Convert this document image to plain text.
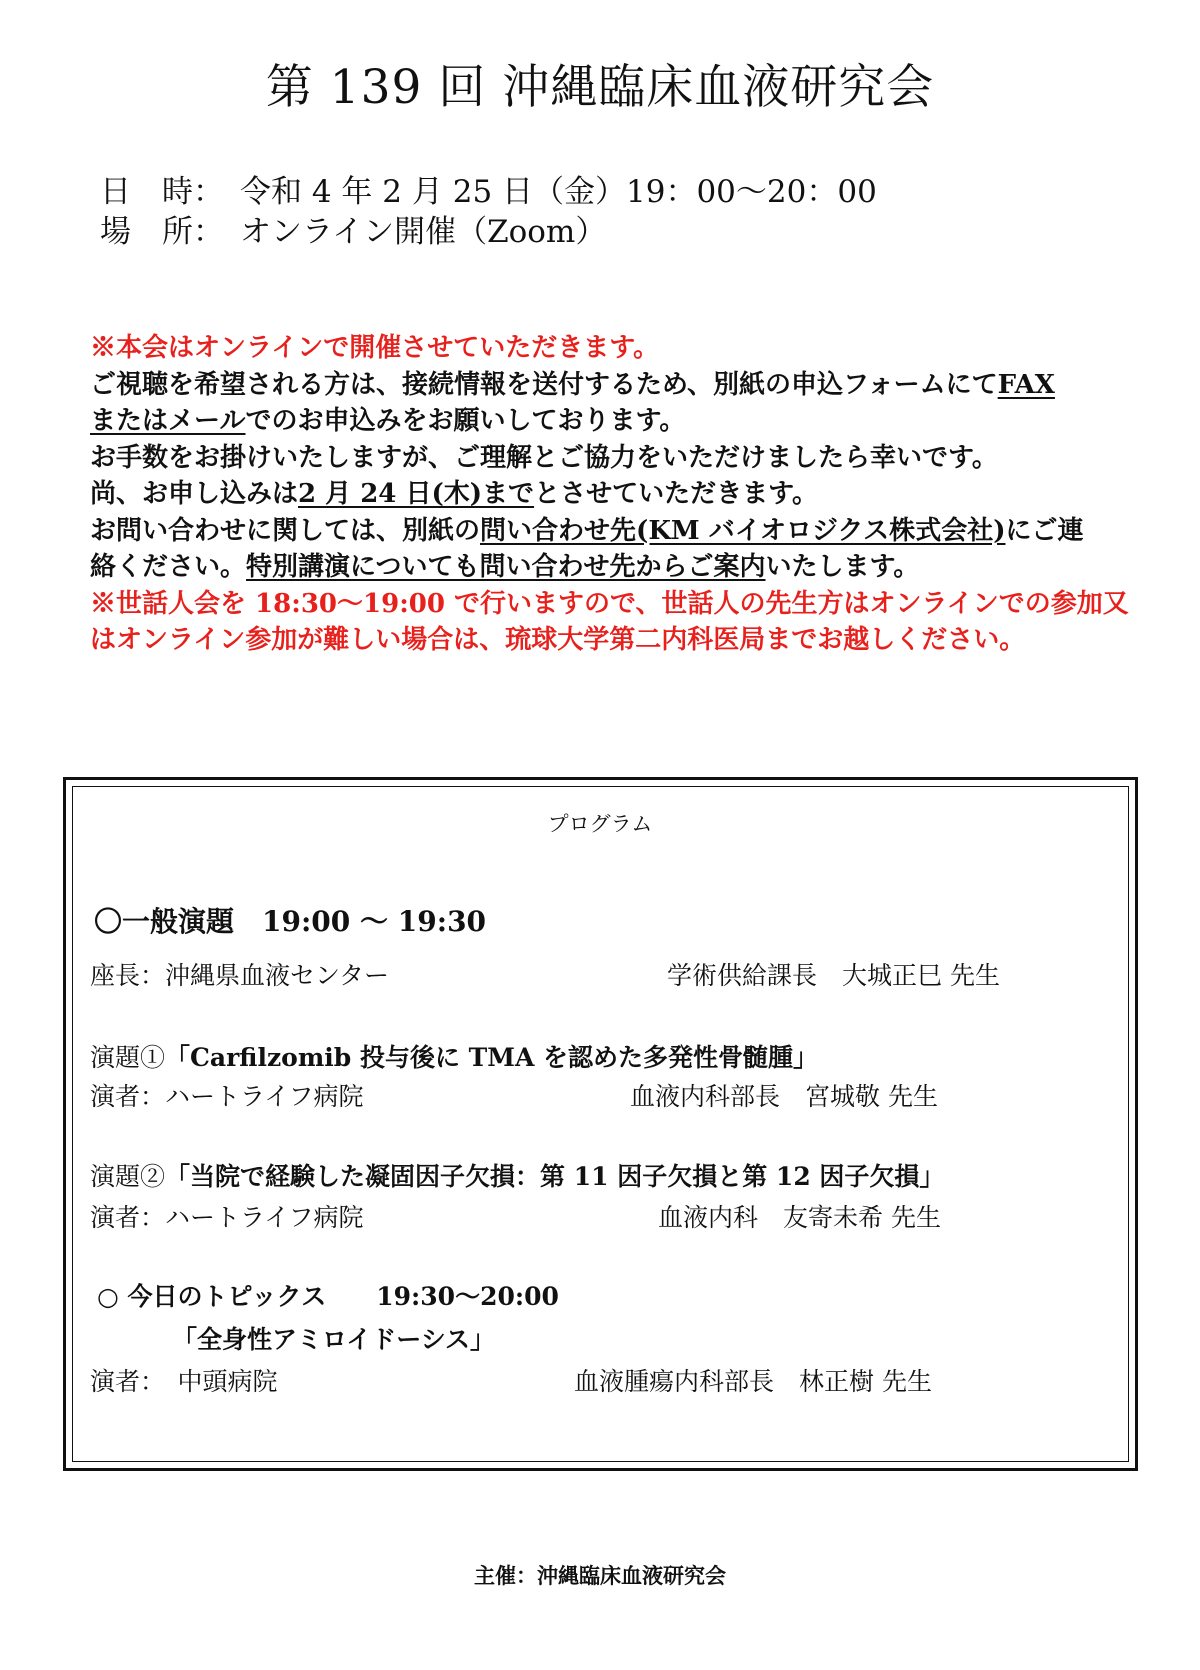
第 139 回 沖縄臨床血液研究会
日　時： 令和 4 年 2 月 25 日（金）19：00〜20：00
場　所： オンライン開催（Zoom）

※本会はオンラインで開催させていただきます。

ご視聴を希望される方は、接続情報を送付するため、別紙の申込フォームにてFAX

またはメールでのお申込みをお願いしております。

お手数をお掛けいたしますが、ご理解とご協力をいただけましたら幸いです。

尚、お申し込みは2 月 24 日(木)までとさせていただきます。

お問い合わせに関しては、別紙の問い合わせ先(KM バイオロジクス株式会社)にご連

絡ください。特別講演についても問い合わせ先からご案内いたします。

※世話人会を 18:30〜19:00 で行いますので、世話人の先生方はオンラインでの参加又はオンライン参加が難しい場合は、琉球大学第二内科医局までお越しください。

プログラム
〇一般演題　19:00 〜 19:30
座長：沖縄県血液センター	学術供給課長　大城正巳 先生
演題①「Carfilzomib 投与後に TMA を認めた多発性骨髄腫」
演者：ハートライフ病院	血液内科部長　宮城敬 先生
演題②「当院で経験した凝固因子欠損：第 11 因子欠損と第 12 因子欠損」
演者：ハートライフ病院	血液内科　友寄未希 先生
○ 今日のトピックス　　19:30〜20:00
「全身性アミロイドーシス」
演者：　中頭病院	血液腫瘍内科部長　林正樹 先生
主催：沖縄臨床血液研究会
